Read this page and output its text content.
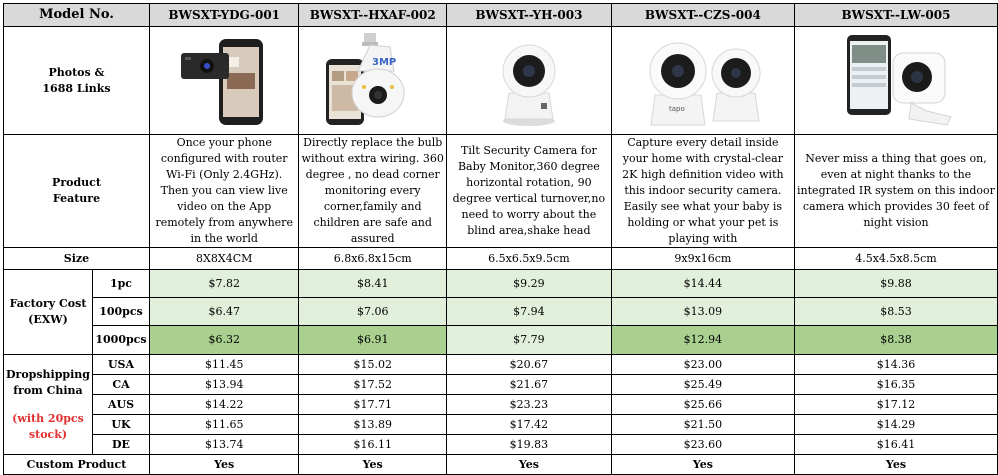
Model No.		BWSXT-YDG-001	BWSXT--HXAF-002	BWSXT--YH-003	BWSXT--CZS-004	BWSXT--LW-005

Photos &
1688 Links			3MP		tapo

Product
Feature		Once your phone configured with router Wi-Fi (Only 2.4GHz). Then you can view live video on the App remotely from anywhere in the world	Directly replace the bulb without extra wiring. 360 degree , no dead corner monitoring every corner,family and children are safe and assured	Tilt Security Camera for Baby Monitor,360 degree horizontal rotation, 90 degree vertical turnover,no need to worry about the blind area,shake head	Capture every detail inside your home with crystal-clear 2K high definition video with this indoor security camera. Easily see what your baby is holding or what your pet is playing with	Never miss a thing that goes on, even at night thanks to the integrated IR system on this indoor camera which provides 30 feet of night vision
Size		8X8X4CM	6.8x6.8x15cm	6.5x6.5x9.5cm	9x9x16cm	4.5x4.5x8.5cm

Factory Cost
(EXW)	1pc	$7.82	$8.41	$9.29	$14.44	$9.88
	100pcs	$6.47	$7.06	$7.94	$13.09	$8.53
	1000pcs	$6.32	$6.91	$7.79	$12.94	$8.38

Dropshipping
from China
(with 20pcs
stock)	USA	$11.45	$15.02	$20.67	$23.00	$14.36
	CA	$13.94	$17.52	$21.67	$25.49	$16.35
	AUS	$14.22	$17.71	$23.23	$25.66	$17.12
	UK	$11.65	$13.89	$17.42	$21.50	$14.29
	DE	$13.74	$16.11	$19.83	$23.60	$16.41
Custom Product		Yes	Yes	Yes	Yes	Yes
